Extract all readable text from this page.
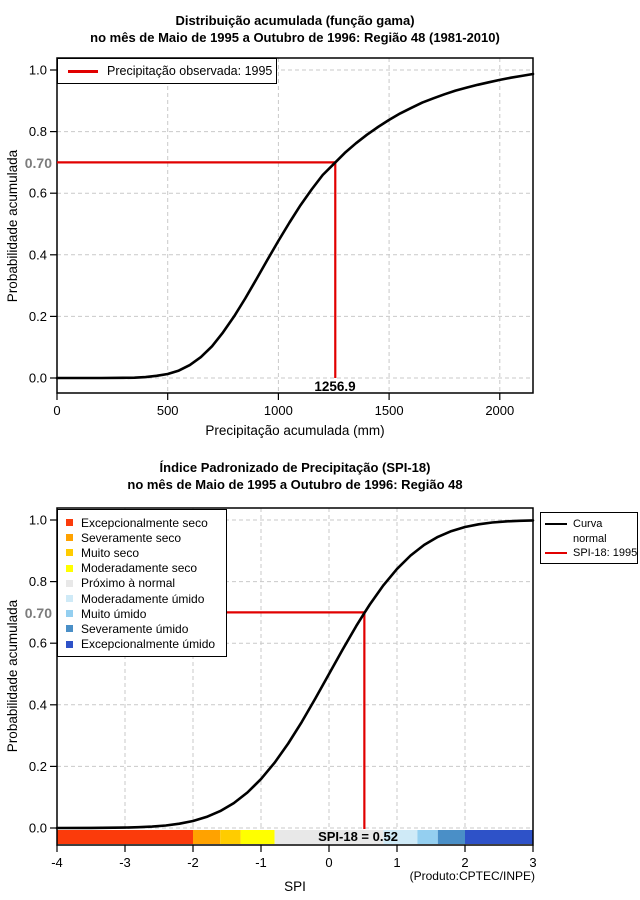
0	500	1000	1500	2000
0.0
0.2
0.4
0.6
0.8
1.0
-4	-3	-2	-1	0	1	2	3
0.0
0.2
0.4
0.6
0.8
1.0
Distribuição acumulada (função gama)
no mês de Maio de 1995 a Outubro de 1996: Região 48 (1981-2010)
Precipitação observada: 1995
0.70
Probabilidade acumulada
Precipitação acumulada (mm)
1256.9
Índice Padronizado de Precipitação (SPI-18)
no mês de Maio de 1995 a Outubro de 1996: Região 48
Excepcionalmente seco
Severamente seco
Muito seco
Moderadamente seco
Próximo à normal
Moderadamente úmido
Muito úmido
Severamente úmido
Excepcionalmente úmido
Curva
normal
SPI-18: 1995
0.70
Probabilidade acumulada
SPI
SPI-18 = 0.52
(Produto:CPTEC/INPE)
